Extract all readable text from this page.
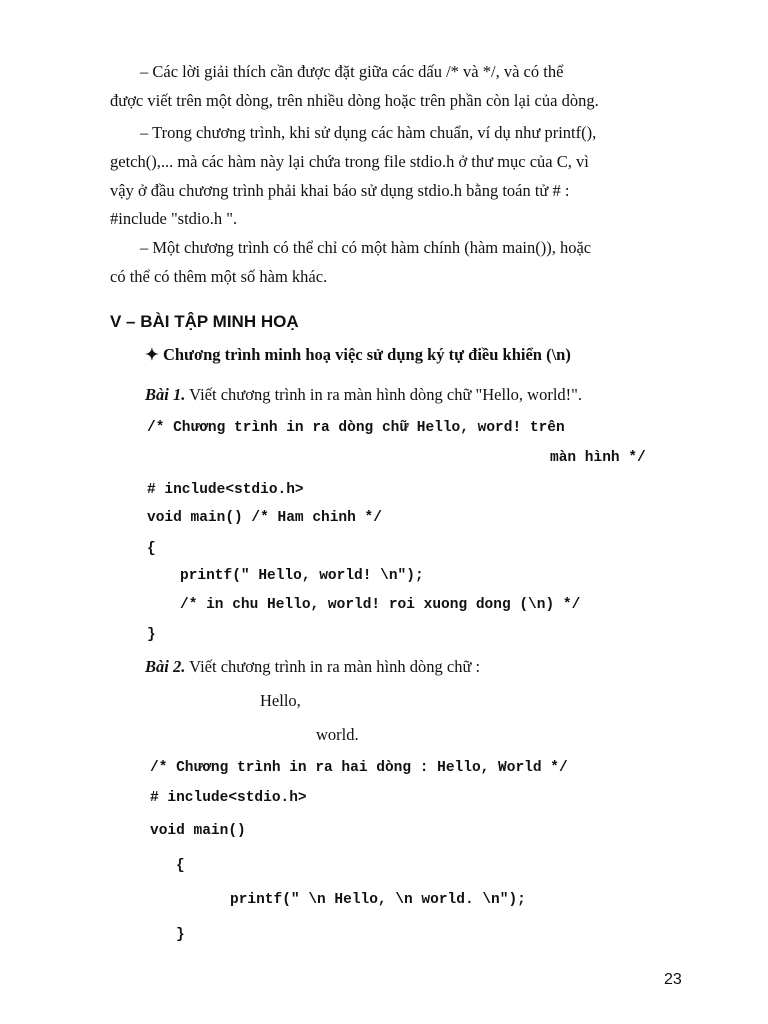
– Các lời giải thích cần được đặt giữa các dấu /* và */, và có thể
được viết trên một dòng, trên nhiều dòng hoặc trên phần còn lại của dòng.
– Trong chương trình, khi sử dụng các hàm chuẩn, ví dụ như printf(),
getch(),... mà các hàm này lại chứa trong file stdio.h ở thư mục của C, vì
vậy ở đầu chương trình phải khai báo sử dụng stdio.h bằng toán tử # :
#include "stdio.h ".
– Một chương trình có thể chỉ có một hàm chính (hàm main()), hoặc
có thể có thêm một số hàm khác.
V – BÀI TẬP MINH HOẠ
✦ Chương trình minh hoạ việc sử dụng ký tự điều khiển (\n)
Bài 1. Viết chương trình in ra màn hình dòng chữ "Hello, world!".
/* Chương trình in ra dòng chữ Hello, word! trên
màn hình */
# include<stdio.h>
void main() /* Ham chinh */
{
printf(" Hello, world! \n");
/* in chu Hello, world! roi xuong dong (\n) */
}
Bài 2. Viết chương trình in ra màn hình dòng chữ :
Hello,
world.
/* Chương trình in ra hai dòng : Hello, World */
# include<stdio.h>
void main()
{
printf(" \n Hello, \n world. \n");
}
23
